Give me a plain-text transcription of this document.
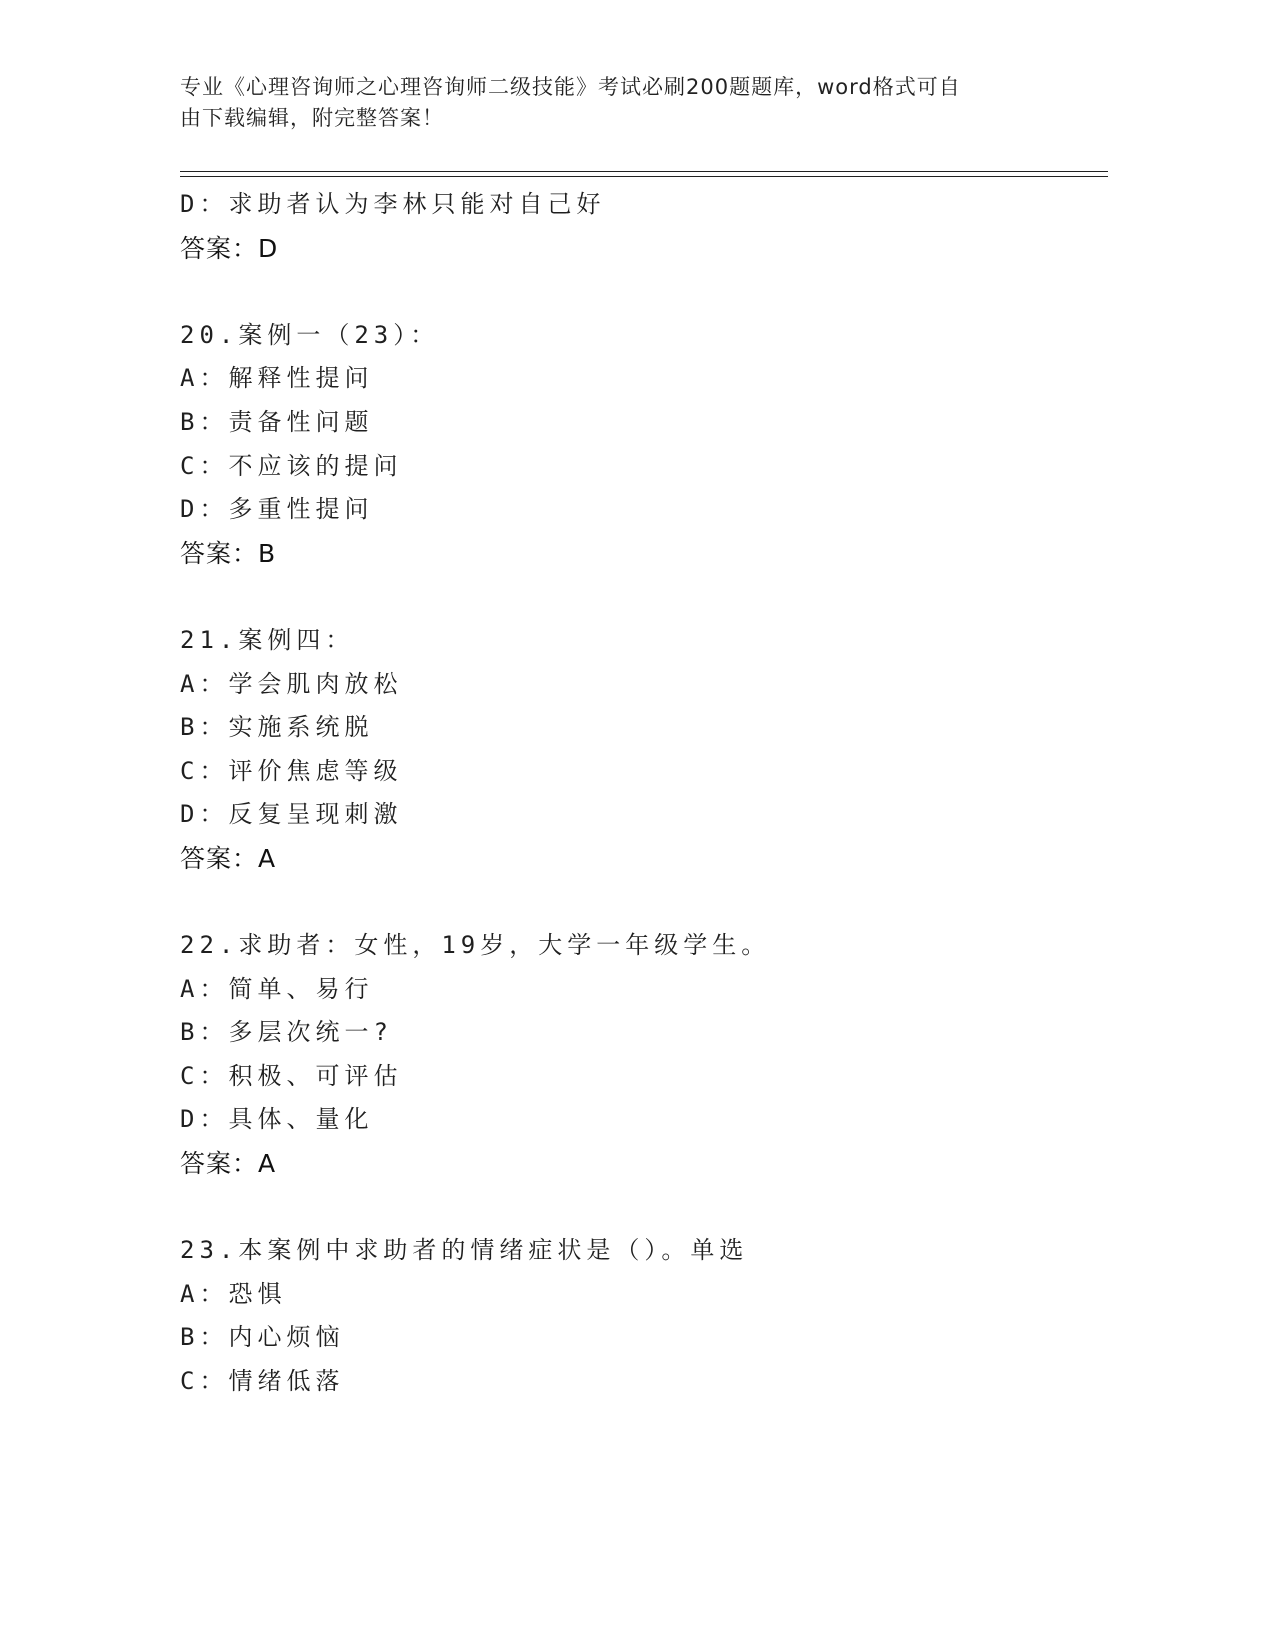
专业《心理咨询师之心理咨询师二级技能》考试必刷200题题库，word格式可自
由下载编辑，附完整答案！
D：求助者认为李林只能对自己好
答案：D
20.案例一（23）：
A：解释性提问
B：责备性问题
C：不应该的提问
D：多重性提问
答案：B
21.案例四：
A：学会肌肉放松
B：实施系统脱
C：评价焦虑等级
D：反复呈现刺激
答案：A
22.求助者：女性，19岁，大学一年级学生。
A：简单、易行
B：多层次统一?
C：积极、可评估
D：具体、量化
答案：A
23.本案例中求助者的情绪症状是（）。单选
A：恐惧
B：内心烦恼
C：情绪低落
